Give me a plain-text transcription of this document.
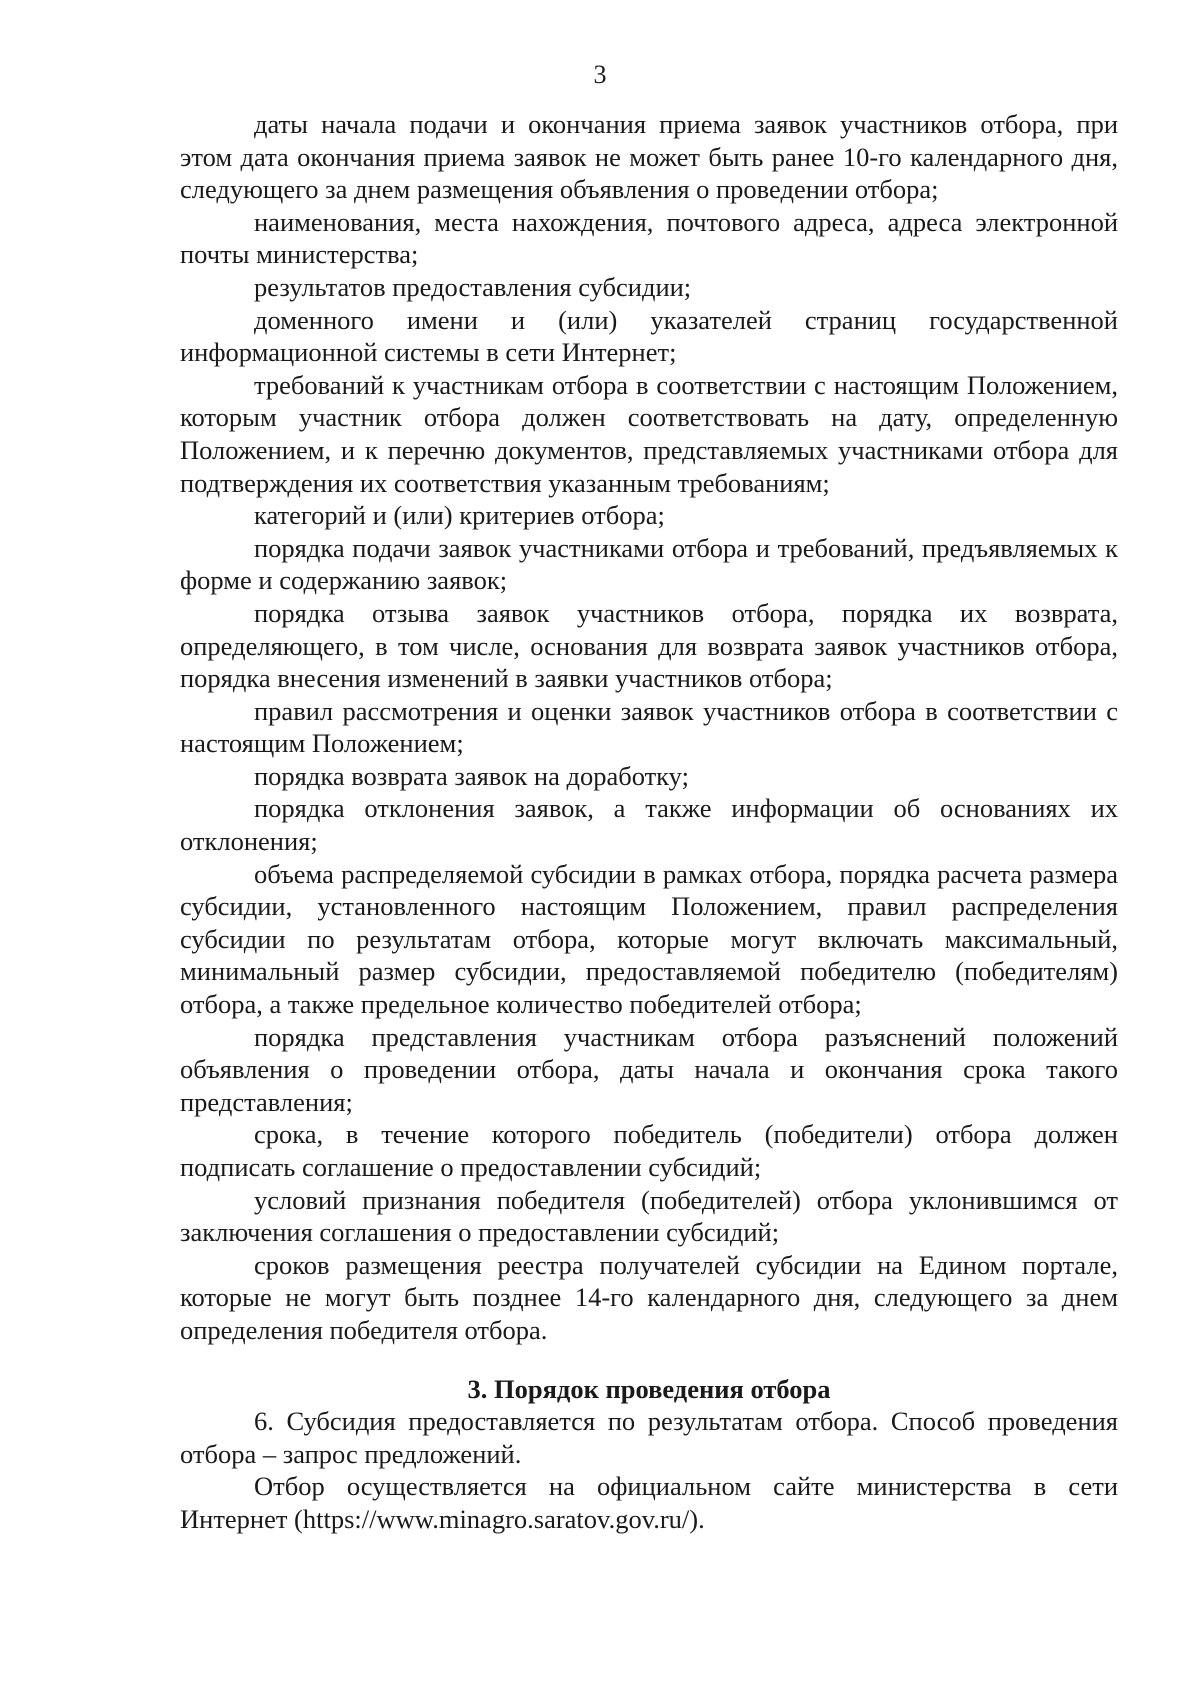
3

даты начала подачи и окончания приема заявок участников отбора, при этом дата окончания приема заявок не может быть ранее 10-го календарного дня, следующего за днем размещения объявления о проведении отбора;

наименования, места нахождения, почтового адреса, адреса электронной почты министерства;

результатов предоставления субсидии;

доменного имени и (или) указателей страниц государственной информационной системы в сети Интернет;

требований к участникам отбора в соответствии с настоящим Положением, которым участник отбора должен соответствовать на дату, определенную Положением, и к перечню документов, представляемых участниками отбора для подтверждения их соответствия указанным требованиям;

категорий и (или) критериев отбора;

порядка подачи заявок участниками отбора и требований, предъявляемых к форме и содержанию заявок;

порядка отзыва заявок участников отбора, порядка их возврата, определяющего, в том числе, основания для возврата заявок участников отбора, порядка внесения изменений в заявки участников отбора;

правил рассмотрения и оценки заявок участников отбора в соответствии с настоящим Положением;

порядка возврата заявок на доработку;

порядка отклонения заявок, а также информации об основаниях их отклонения;

объема распределяемой субсидии в рамках отбора, порядка расчета размера субсидии, установленного настоящим Положением, правил распределения субсидии по результатам отбора, которые могут включать максимальный, минимальный размер субсидии, предоставляемой победителю (победителям) отбора, а также предельное количество победителей отбора;

порядка представления участникам отбора разъяснений положений объявления о проведении отбора, даты начала и окончания срока такого представления;

срока, в течение которого победитель (победители) отбора должен подписать соглашение о предоставлении субсидий;

условий признания победителя (победителей) отбора уклонившимся от заключения соглашения о предоставлении субсидий;

сроков размещения реестра получателей субсидии на Едином портале, которые не могут быть позднее 14-го календарного дня, следующего за днем определения победителя отбора.

3. Порядок проведения отбора

6. Субсидия предоставляется по результатам отбора. Способ проведения отбора – запрос предложений.

Отбор осуществляется на официальном сайте министерства в сети Интернет (https://www.minagro.saratov.gov.ru/).
